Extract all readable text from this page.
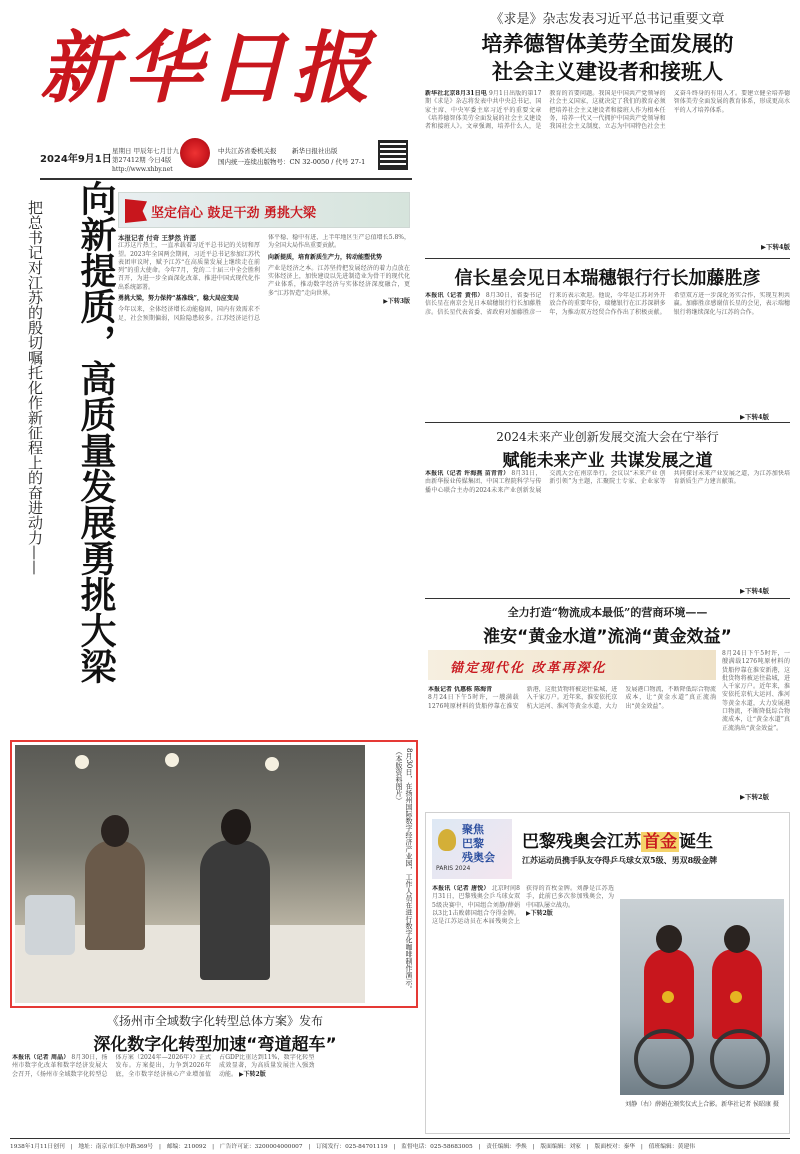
新华日报
2024年9月1日
星期日 甲辰年七月廿九
第27412期 今日4版
http://www.xhby.net
中共江苏省委机关报 新华日报社出版
国内统一连续出版物号：CN 32-0050 / 代号 27-1
《求是》杂志发表习近平总书记重要文章
培养德智体美劳全面发展的
社会主义建设者和接班人
新华社北京8月31日电 9月1日出版的第17期《求是》杂志将发表中共中央总书记、国家主席、中央军委主席习近平的重要文章《培养德智体美劳全面发展的社会主义建设者和接班人》。文章强调，培养什么人，是教育的首要问题。我国是中国共产党领导的社会主义国家，这就决定了我们的教育必须把培养社会主义建设者和接班人作为根本任务，培养一代又一代拥护中国共产党领导和我国社会主义制度、立志为中国特色社会主义奋斗终身的有用人才。要建立健全培养德智体美劳全面发展的教育体系，形成更高水平的人才培养体系。
▶下转4版
向新提质，高质量发展勇挑大梁
把总书记对江苏的殷切嘱托化作新征程上的奋进动力——	坚定信心 鼓足干劲 勇挑大梁
本报记者 付奇 王梦然 许愿
江苏这片热土，一直承载着习近平总书记的关切和厚望。2023年全国两会期间，习近平总书记参加江苏代表团审议时，赋予江苏“在高质量发展上继续走在前列”的重大使命。今年7月，党的二十届三中全会胜利召开，为进一步全面深化改革、推进中国式现代化作出系统部署。
勇挑大梁，努力保持“基准线”，稳大局应变局
今年以来，全体经济增长动能稳固，国内有效需求不足，社会预期偏弱，风险隐患较多。江苏经济运行总体平稳、稳中有进，上半年地区生产总值增长5.8%，为全国大局作出重要贡献。
向新提质，培育新质生产力，转动能塑优势
产业是经济之本。江苏坚持把发展经济的着力点放在实体经济上，加快建设以先进制造业为骨干的现代化产业体系，推动数字经济与实体经济深度融合，更多“江苏智造”走向世界。
▶下转3版
信长星会见日本瑞穗银行行长加藤胜彦
本报讯（记者 黄伟） 8月30日，省委书记信长星在南京会见日本瑞穗银行行长加藤胜彦。信长星代表省委、省政府对加藤胜彦一行来访表示欢迎。他说，今年是江苏对外开放合作的重要年份，瑞穗银行在江苏深耕多年，为推动双方经贸合作作出了积极贡献。希望双方进一步深化务实合作，实现互利共赢。加藤胜彦感谢信长星的会见，表示瑞穗银行将继续深化与江苏的合作。
▶下转4版
2024未来产业创新发展交流大会在宁举行
赋能未来产业 共谋发展之道
本报讯（记者 许海燕 苗青青） 8月31日，由新华报业传媒集团、中国工程院科学与传播中心联合主办的2024未来产业创新发展交流大会在南京举行。会议以“未来产业 创新引领”为主题，汇聚院士专家、企业家等共同探讨未来产业发展之道，为江苏加快培育新质生产力建言献策。
▶下转4版
全力打造“物流成本最低”的营商环境——
淮安“黄金水道”流淌“黄金效益”
锚定现代化 改革再深化
本报记者 仇惠栋 陈海青
8月24日下午5时许，一艘满载1276吨原材料的货船停靠在淮安新港，这批货物将被运往盐城，进入千家万户。近年来，淮安依托京杭大运河、淮河等黄金水道，大力发展港口物流，不断降低综合物流成本，让“黄金水道”真正流淌出“黄金效益”。
8月24日下午5时许，一艘满载1276吨原材料的货船停靠在淮安新港，这批货物将被运往盐城，进入千家万户。近年来，淮安依托京杭大运河、淮河等黄金水道，大力发展港口物流，不断降低综合物流成本，让“黄金水道”真正流淌出“黄金效益”。
▶下转2版
8月30日，在扬州国际数字经济产业园，工作人员在进行数字化咖啡制作演示。（本版资料图片）
《扬州市全域数字化转型总体方案》发布
深化数字化转型加速“弯道超车”
本报讯（记者 周晶） 8月30日，扬州市数字化改革和数字经济发展大会召开，《扬州市全域数字化转型总体方案（2024年—2026年）》正式发布。方案提出，力争到2026年底，全市数字经济核心产业增加值占GDP比重达到11%，数字化转型成效显著，为高质量发展注入强劲动能。 ▶下转2版
聚焦
巴黎
残奥会
PARIS 2024
巴黎残奥会江苏 首金 诞生
江苏运动员携手队友夺得乒乓球女双5级、男双8级金牌
本报讯（记者 唐悦） 北京时间8月31日，巴黎残奥会乒乓球女双5级决赛中，中国组合刘静/薛娟以3比1击败韩国组合夺得金牌。这是江苏运动员在本届残奥会上获得的首枚金牌。刘静是江苏选手，此前已多次参加残奥会，为中国队屡立战功。
▶下转2版
刘静（右）薛娟在颁奖仪式上合影。新华社记者 侯昭康 摄
1938年1月11日创刊　|　地址：南京市江东中路369号　|　邮编：210092　|　广告许可证：3200004000007　|　订阅发行：025-84701119　|　监督电话：025-58683005　|　责任编辑：季焕　|　版面编辑：刘家　|　版面校对：秦华　|　值班编辑：黄建伟
